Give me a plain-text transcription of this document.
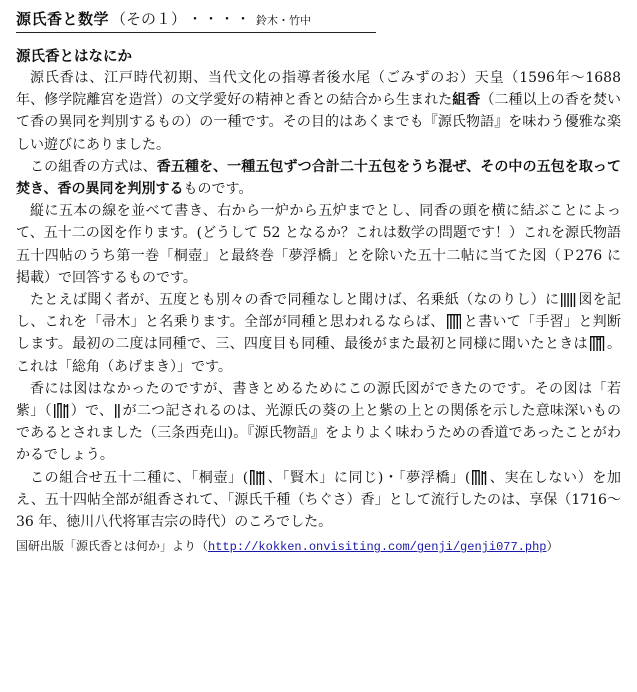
源氏香と数学 （その１） ・・・・ 鈴木・竹中
源氏香とはなにか

源氏香は、江戸時代初期、当代文化の指導者後水尾（ごみずのお）天皇（1596年～1688 年、修学院離宮を造営）の文学愛好の精神と香との結合から生まれた組香（二種以上の香を焚いて香の異同を判別するもの）の一種です。その目的はあくまでも『源氏物語』を味わう優雅な楽しい遊びにありました。

この組香の方式は、香五種を、一種五包ずつ合計二十五包をうち混ぜ、その中の五包を取って焚き、香の異同を判別するものです。

縦に五本の線を並べて書き、右から一炉から五炉までとし、同香の頭を横に結ぶことによって、五十二の図を作ります。(どうして 52 となるか？これは数学の問題です！）これを源氏物語五十四帖のうち第一巻「桐壺」と最終巻「夢浮橋」とを除いた五十二帖に当てた図（Ｐ276 に掲載）で回答するものです。

たとえば聞く者が、五度とも別々の香で同種なしと聞けば、名乗紙（なのりし）に 図を記し、これを「帚木」と名乗ります。全部が同種と思われるならば、 と書いて「手習」と判断します。最初の二度は同種で、三、四度目も同種、最後がまた最初と同様に聞いたときは 。これは「総角（あげまき）」です。

香には図はなかったのですが、書きとめるためにこの源氏図ができたのです。その図は「若紫」（ ）で、 が二つ記されるのは、光源氏の葵の上と紫の上との関係を示した意味深いものであるとされました（三条西尭山)。『源氏物語』をよりよく味わうための香道であったことがわかるでしょう。

この組合せ五十二種に、「桐壺」( 、「賢木」に同じ)・「夢浮橋」( 、実在しない）を加え、五十四帖全部が組香されて、「源氏千種（ちぐさ）香」として流行したのは、享保（1716～36 年、徳川八代将軍吉宗の時代）のころでした。

国研出版「源氏香とは何か」より（http://kokken.onvisiting.com/genji/genji077.php）
